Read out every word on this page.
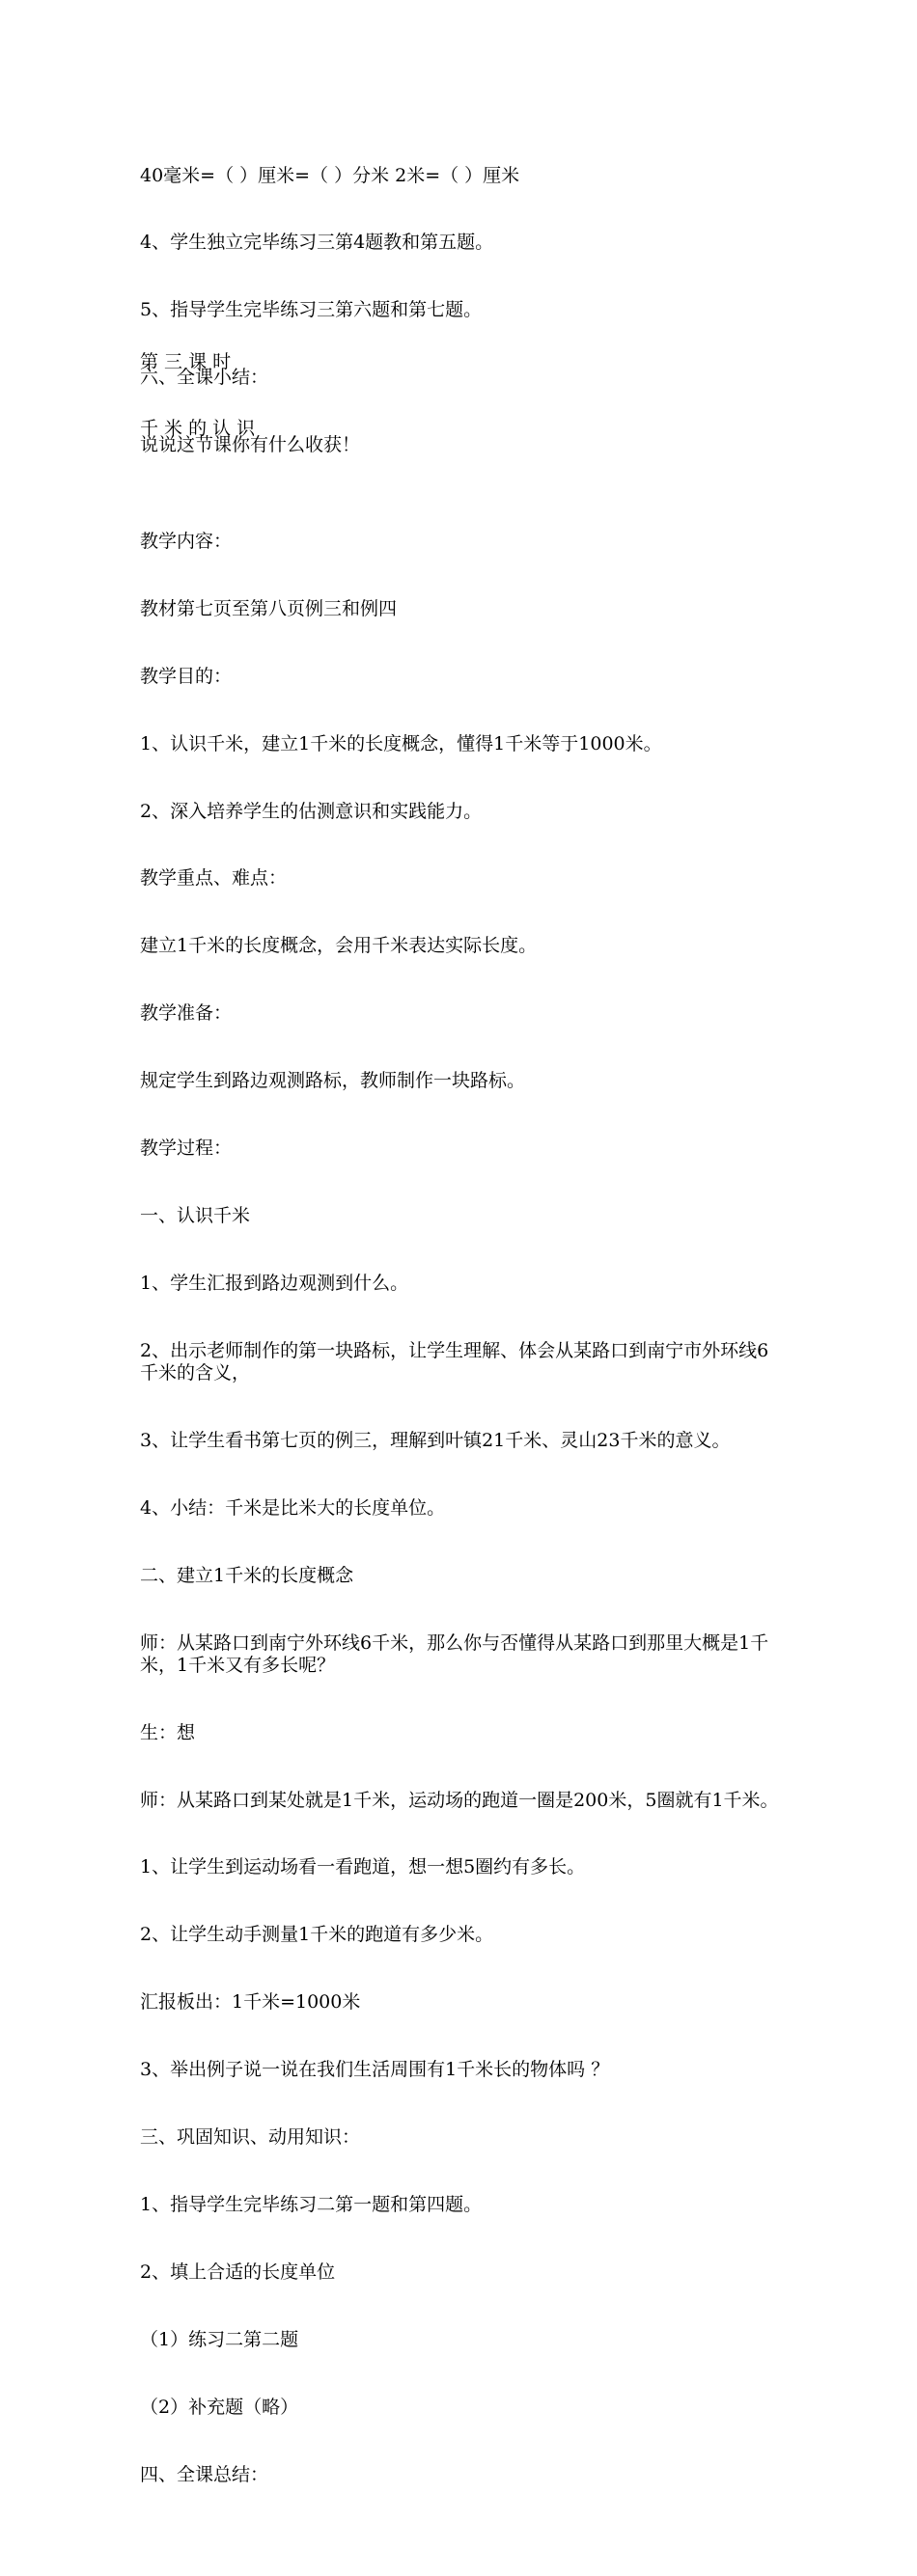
40毫米=（ ）厘米=（ ）分米 2米=（ ）厘米

4、学生独立完毕练习三第4题教和第五题。

5、指导学生完毕练习三第六题和第七题。

六、全课小结：

说说这节课你有什么收获！

第 三 课 时

千 米 的 认 识

教学内容：

教材第七页至第八页例三和例四

教学目的：

1、认识千米，建立1千米的长度概念，懂得1千米等于1000米。

2、深入培养学生的估测意识和实践能力。

教学重点、难点：

建立1千米的长度概念，会用千米表达实际长度。

教学准备：

规定学生到路边观测路标，教师制作一块路标。

教学过程：

一、认识千米

1、学生汇报到路边观测到什么。

2、出示老师制作的第一块路标，让学生理解、体会从某路口到南宁市外环线6千米的含义，

3、让学生看书第七页的例三，理解到叶镇21千米、灵山23千米的意义。

4、小结：千米是比米大的长度单位。

二、建立1千米的长度概念

师：从某路口到南宁外环线6千米，那么你与否懂得从某路口到那里大概是1千米，1千米又有多长呢？

生：想

师：从某路口到某处就是1千米，运动场的跑道一圈是200米，5圈就有1千米。

1、让学生到运动场看一看跑道，想一想5圈约有多长。

2、让学生动手测量1千米的跑道有多少米。

汇报板出：1千米=1000米

3、举出例子说一说在我们生活周围有1千米长的物体吗 ？

三、巩固知识、动用知识：

1、指导学生完毕练习二第一题和第四题。

2、填上合适的长度单位

（1）练习二第二题

（2）补充题（略）

四、全课总结：
